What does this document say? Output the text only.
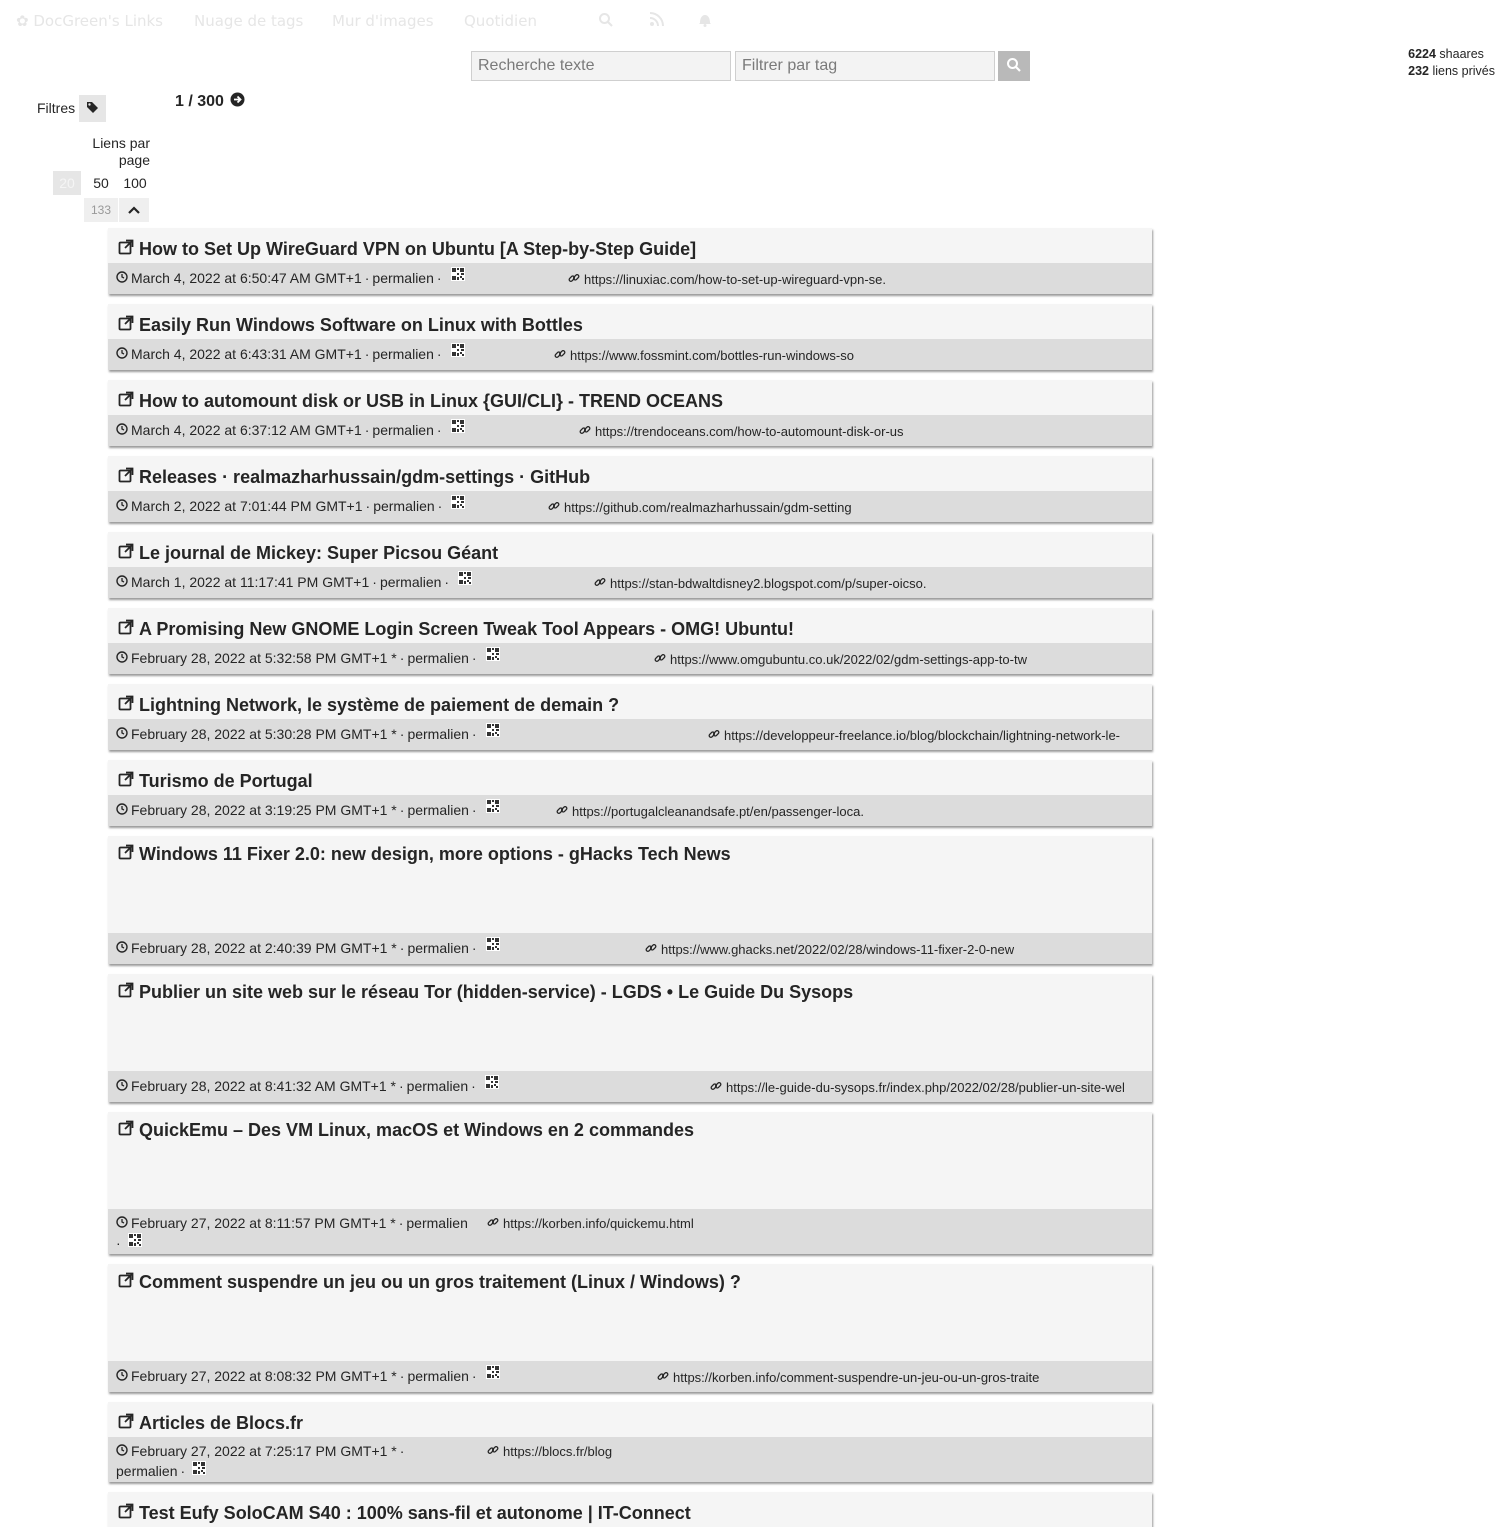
✿ DocGreen's Links Nuage de tags Mur d'images Quotidien
Recherche texte
Filtrer par tag
6224 shaares
232 liens privés
Filtres	1 / 300
Liens par page
20	50	100
133
How to Set Up WireGuard VPN on Ubuntu [A Step-by-Step Guide]
March 4, 2022 at 6:50:47 AM GMT+1 · permalien ·	https://linuxiac.com/how-to-set-up-wireguard-vpn-se.
Easily Run Windows Software on Linux with Bottles
March 4, 2022 at 6:43:31 AM GMT+1 · permalien ·	https://www.fossmint.com/bottles-run-windows-so
How to automount disk or USB in Linux {GUI/CLI} - TREND OCEANS
March 4, 2022 at 6:37:12 AM GMT+1 · permalien ·	https://trendoceans.com/how-to-automount-disk-or-us
Releases · realmazharhussain/gdm-settings · GitHub
March 2, 2022 at 7:01:44 PM GMT+1 · permalien ·	https://github.com/realmazharhussain/gdm-setting
Le journal de Mickey: Super Picsou Géant
March 1, 2022 at 11:17:41 PM GMT+1 · permalien ·	https://stan-bdwaltdisney2.blogspot.com/p/super-oicso.
A Promising New GNOME Login Screen Tweak Tool Appears - OMG! Ubuntu!
February 28, 2022 at 5:32:58 PM GMT+1 * · permalien ·	https://www.omgubuntu.co.uk/2022/02/gdm-settings-app-to-tw
Lightning Network, le système de paiement de demain ?
February 28, 2022 at 5:30:28 PM GMT+1 * · permalien ·	https://developpeur-freelance.io/blog/blockchain/lightning-network-le-
Turismo de Portugal
February 28, 2022 at 3:19:25 PM GMT+1 * · permalien ·	https://portugalcleanandsafe.pt/en/passenger-loca.
Windows 11 Fixer 2.0: new design, more options - gHacks Tech News
February 28, 2022 at 2:40:39 PM GMT+1 * · permalien ·	https://www.ghacks.net/2022/02/28/windows-11-fixer-2-0-new
Publier un site web sur le réseau Tor (hidden-service) - LGDS • Le Guide Du Sysops
February 28, 2022 at 8:41:32 AM GMT+1 * · permalien ·	https://le-guide-du-sysops.fr/index.php/2022/02/28/publier-un-site-wel
QuickEmu – Des VM Linux, macOS et Windows en 2 commandes
February 27, 2022 at 8:11:57 PM GMT+1 * · permalien
·
https://korben.info/quickemu.html
Comment suspendre un jeu ou un gros traitement (Linux / Windows) ?
February 27, 2022 at 8:08:32 PM GMT+1 * · permalien ·	https://korben.info/comment-suspendre-un-jeu-ou-un-gros-traite
Articles de Blocs.fr
February 27, 2022 at 7:25:17 PM GMT+1 * ·
permalien ·
https://blocs.fr/blog
Test Eufy SoloCAM S40 : 100% sans-fil et autonome | IT-Connect
